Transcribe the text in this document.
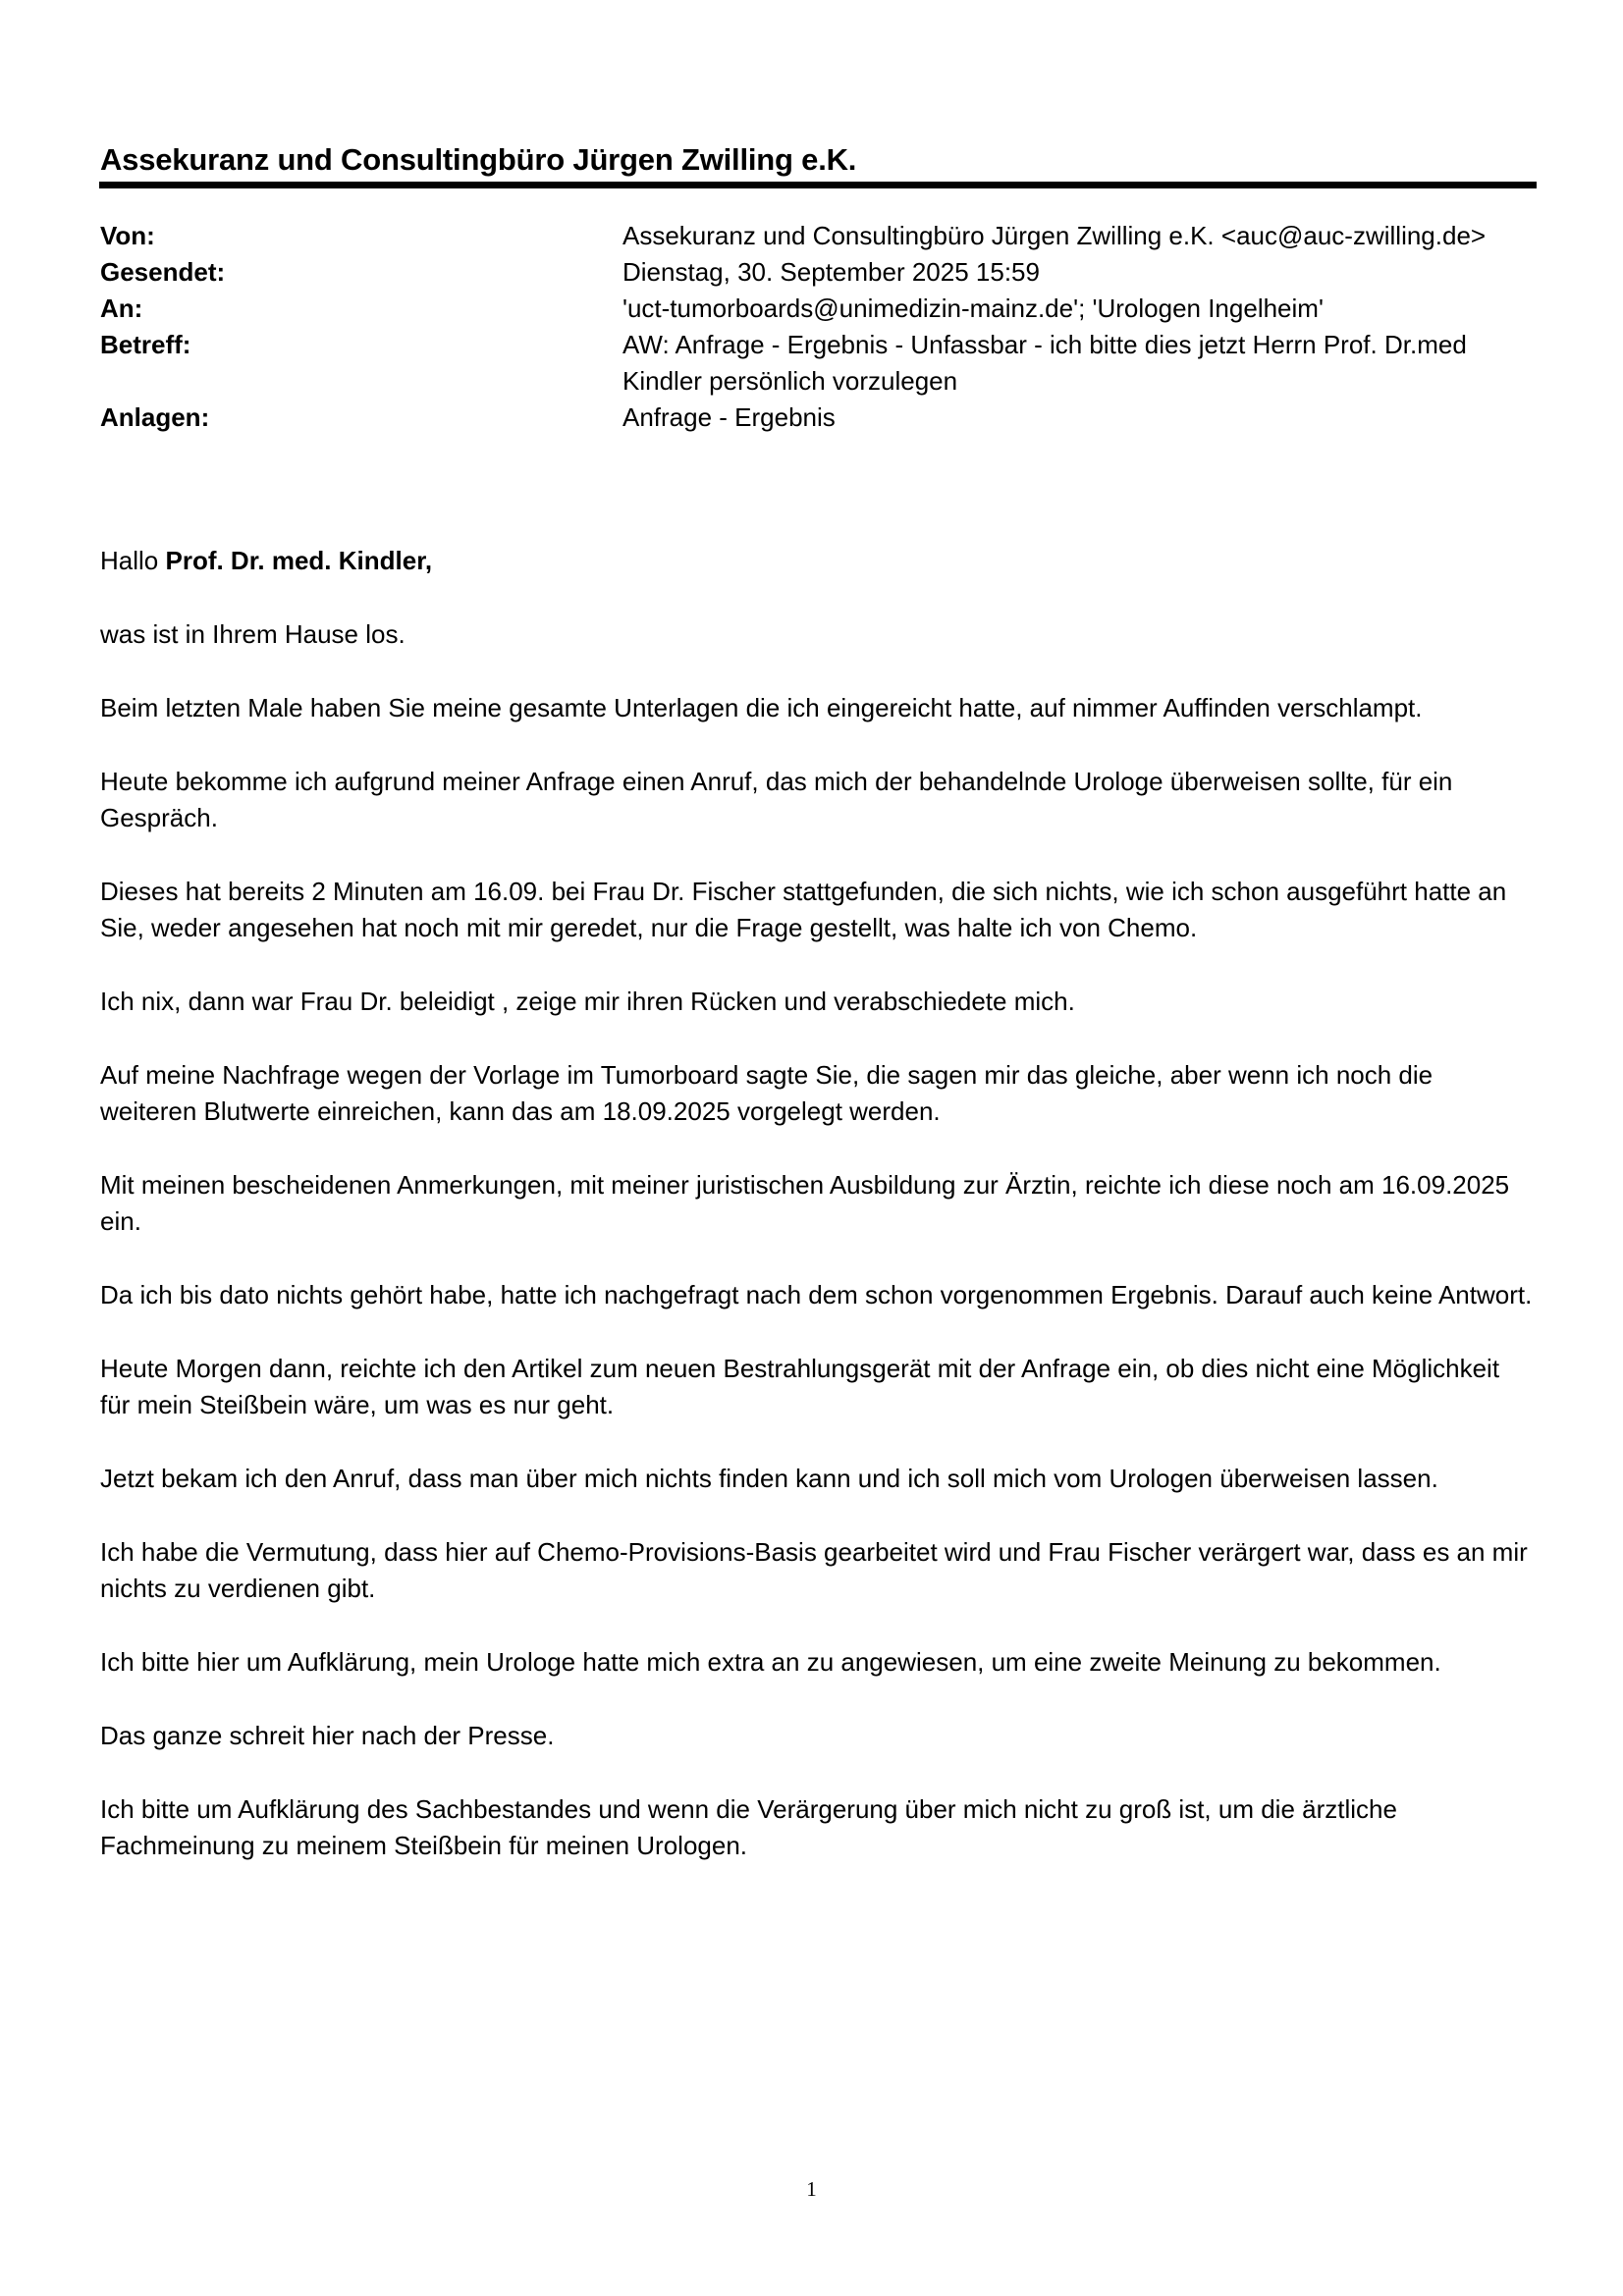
Assekuranz und Consultingbüro Jürgen Zwilling e.K.
Von:	Assekuranz und Consultingbüro Jürgen Zwilling e.K. <auc@auc-zwilling.de>
Gesendet:	Dienstag, 30. September 2025 15:59
An:	'uct-tumorboards@unimedizin-mainz.de'; 'Urologen Ingelheim'
Betreff:	AW: Anfrage - Ergebnis - Unfassbar - ich bitte dies jetzt Herrn Prof. Dr.med Kindler persönlich vorzulegen
Anlagen:	Anfrage - Ergebnis

Hallo Prof. Dr. med. Kindler,

was ist in Ihrem Hause los.

Beim letzten Male haben Sie meine gesamte Unterlagen die ich eingereicht hatte, auf nimmer Auffinden verschlampt.

Heute bekomme ich aufgrund meiner Anfrage einen Anruf, das mich der behandelnde Urologe überweisen sollte, für ein Gespräch.

Dieses hat bereits 2 Minuten am 16.09. bei Frau Dr. Fischer stattgefunden, die sich nichts, wie ich schon ausgeführt hatte an Sie, weder angesehen hat noch mit mir geredet, nur die Frage gestellt, was halte ich von Chemo.

Ich nix, dann war Frau Dr. beleidigt , zeige mir ihren Rücken und verabschiedete mich.

Auf meine Nachfrage wegen der Vorlage im Tumorboard sagte Sie, die sagen mir das gleiche, aber wenn ich noch die weiteren Blutwerte einreichen, kann das am 18.09.2025 vorgelegt werden.

Mit meinen bescheidenen Anmerkungen, mit meiner juristischen Ausbildung zur Ärztin, reichte ich diese noch am 16.09.2025 ein.

Da ich bis dato nichts gehört habe, hatte ich nachgefragt nach dem schon vorgenommen Ergebnis. Darauf auch keine Antwort.

Heute Morgen dann, reichte ich den Artikel zum neuen Bestrahlungsgerät mit der Anfrage ein, ob dies nicht eine Möglichkeit für mein Steißbein wäre, um was es nur geht.

Jetzt bekam ich den Anruf, dass man über mich nichts finden kann und ich soll mich vom Urologen überweisen lassen.

Ich habe die Vermutung, dass hier auf Chemo-Provisions-Basis gearbeitet wird und Frau Fischer verärgert war, dass es an mir nichts zu verdienen gibt.

Ich bitte hier um Aufklärung, mein Urologe hatte mich extra an zu angewiesen, um eine zweite Meinung zu bekommen.

Das ganze schreit hier nach der Presse.

Ich bitte um Aufklärung des Sachbestandes und wenn die Verärgerung über mich nicht zu groß ist, um die ärztliche Fachmeinung zu meinem Steißbein für meinen Urologen.

1
